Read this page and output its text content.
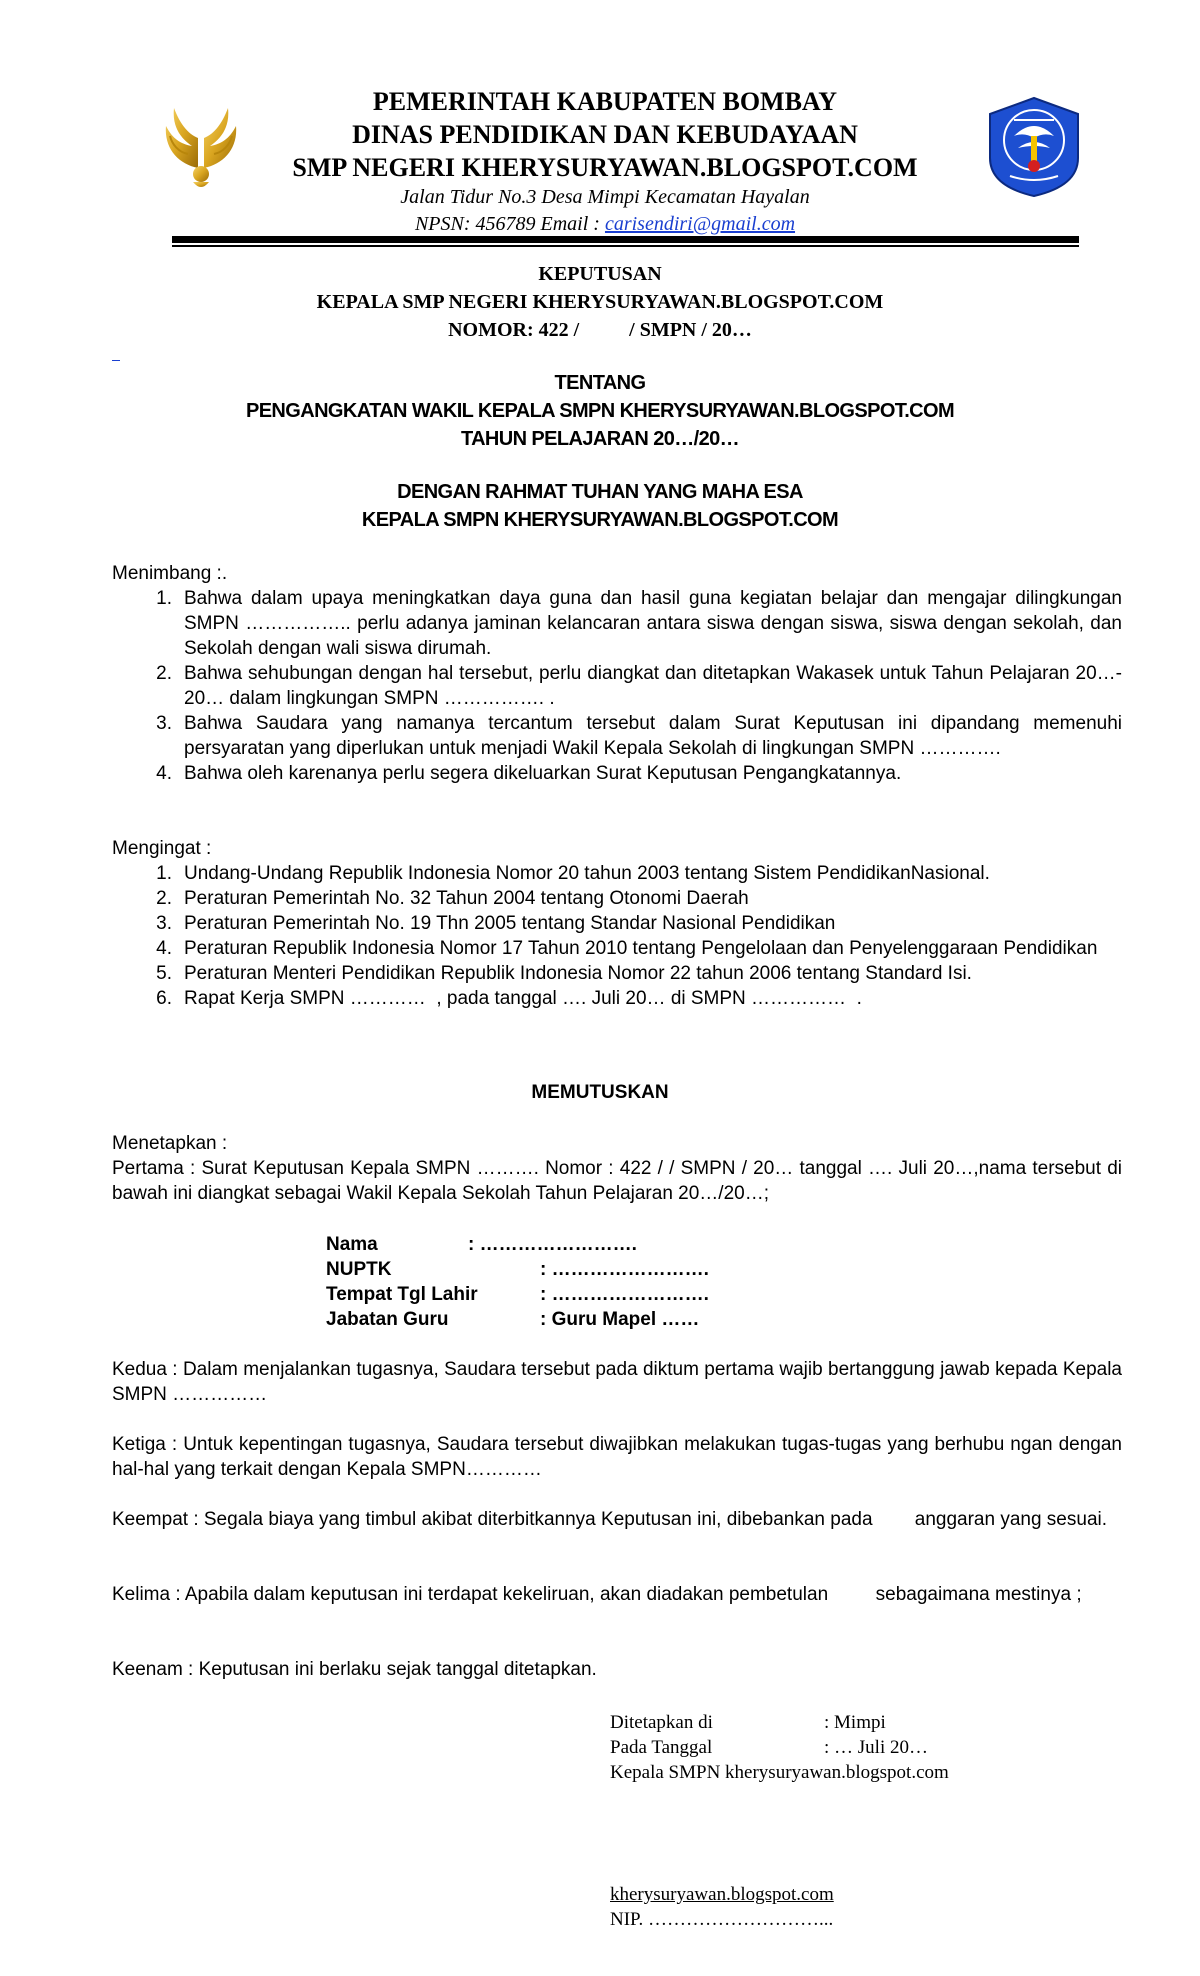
PEMERINTAH KABUPATEN BOMBAY
DINAS PENDIDIKAN DAN KEBUDAYAAN
SMP NEGERI KHERYSURYAWAN.BLOGSPOT.COM
Jalan Tidur No.3 Desa Mimpi Kecamatan Hayalan
NPSN: 456789 Email : carisendiri@gmail.com
KEPUTUSAN
KEPALA SMP NEGERI KHERYSURYAWAN.BLOGSPOT.COM
NOMOR: 422 /          / SMPN / 20…
TENTANG
PENGANGKATAN WAKIL KEPALA SMPN KHERYSURYAWAN.BLOGSPOT.COM
TAHUN PELAJARAN 20…/20…
DENGAN RAHMAT TUHAN YANG MAHA ESA
KEPALA SMPN KHERYSURYAWAN.BLOGSPOT.COM
Menimbang :.
1. Bahwa dalam upaya meningkatkan daya guna dan hasil guna kegiatan belajar dan mengajar dilingkungan SMPN …………….. perlu adanya jaminan kelancaran antara siswa dengan siswa, siswa dengan sekolah, dan Sekolah dengan wali siswa dirumah.
2. Bahwa sehubungan dengan hal tersebut, perlu diangkat dan ditetapkan Wakasek untuk Tahun Pelajaran 20…- 20… dalam lingkungan SMPN ……………. .
3. Bahwa Saudara yang namanya tercantum tersebut dalam Surat Keputusan ini dipandang memenuhi persyaratan yang diperlukan untuk menjadi Wakil Kepala Sekolah di lingkungan SMPN ………….
4. Bahwa oleh karenanya perlu segera dikeluarkan Surat Keputusan Pengangkatannya.
Mengingat :
1. Undang-Undang Republik Indonesia Nomor 20 tahun 2003 tentang Sistem PendidikanNasional.
2. Peraturan Pemerintah No. 32 Tahun 2004 tentang Otonomi Daerah
3. Peraturan Pemerintah No. 19 Thn 2005 tentang Standar Nasional Pendidikan
4. Peraturan Republik Indonesia Nomor 17 Tahun 2010 tentang Pengelolaan dan Penyelenggaraan Pendidikan
5. Peraturan Menteri Pendidikan Republik Indonesia Nomor 22 tahun 2006 tentang Standard Isi.
6. Rapat Kerja SMPN …………  , pada tanggal …. Juli 20… di SMPN ……………  .
MEMUTUSKAN
Menetapkan :
Pertama : Surat Keputusan Kepala SMPN ………. Nomor : 422 / / SMPN / 20… tanggal …. Juli 20…,nama tersebut di bawah ini diangkat sebagai Wakil Kepala Sekolah Tahun Pelajaran 20…/20…;
Nama	: …………………….
NUPTK	: …………………….
Tempat Tgl Lahir	: …………………….
Jabatan Guru	: Guru Mapel ……
Kedua : Dalam menjalankan tugasnya, Saudara tersebut pada diktum pertama wajib bertanggung jawab kepada Kepala SMPN ……………
Ketiga : Untuk kepentingan tugasnya, Saudara tersebut diwajibkan melakukan tugas-tugas yang berhubu ngan dengan hal-hal yang terkait dengan Kepala SMPN…………
Keempat : Segala biaya yang timbul akibat diterbitkannya Keputusan ini, dibebankan pada        anggaran yang sesuai.
Kelima : Apabila dalam keputusan ini terdapat kekeliruan, akan diadakan pembetulan         sebagaimana mestinya ;
Keenam : Keputusan ini berlaku sejak tanggal ditetapkan.
Ditetapkan di	: Mimpi
Pada Tanggal	: … Juli 20…
Kepala SMPN kherysuryawan.blogspot.com
kherysuryawan.blogspot.com
NIP. ………………………...
